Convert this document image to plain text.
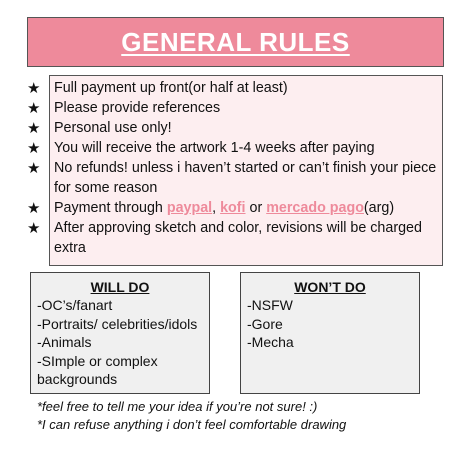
GENERAL RULES
★ Full payment up front(or half at least)
★ Please provide references
★ Personal use only!
★ You will receive the artwork 1-4 weeks after paying
★ No refunds! unless i haven’t started or can’t finish your piece for some reason
★ Payment through paypal, kofi or mercado pago(arg)
★ After approving sketch and color, revisions will be charged extra
WILL DO
-OC’s/fanart
-Portraits/ celebrities/idols
-Animals
-SImple or complex backgrounds
WON’T DO
-NSFW
-Gore
-Mecha
*feel free to tell me your idea if you’re not sure! :)
*I can refuse anything i don’t feel comfortable drawing
